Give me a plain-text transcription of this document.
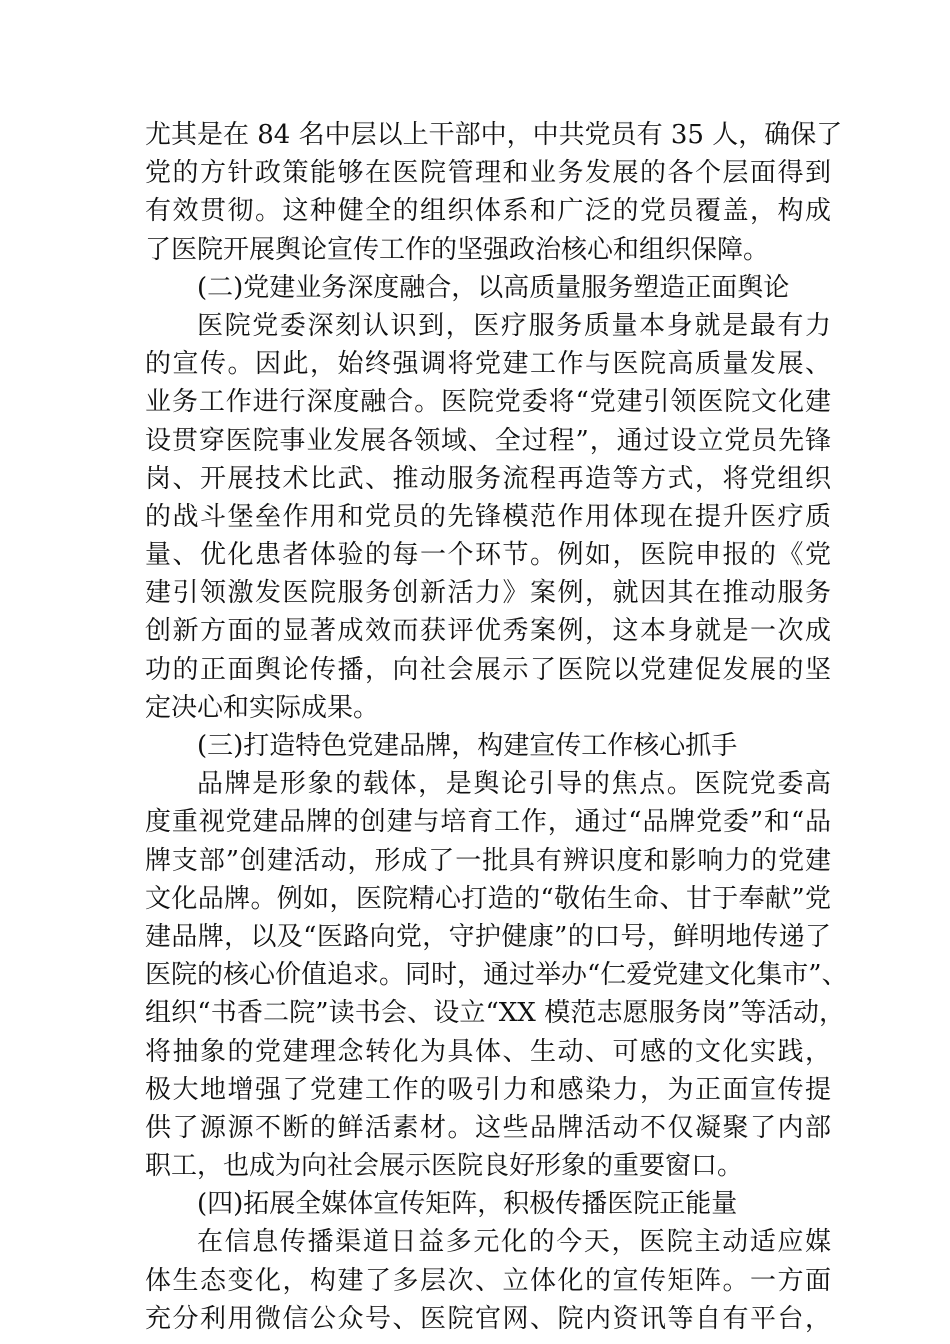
尤其是在 84 名中层以上干部中，中共党员有 35 人，确保了
党的方针政策能够在医院管理和业务发展的各个层面得到
有效贯彻。这种健全的组织体系和广泛的党员覆盖，构成
了医院开展舆论宣传工作的坚强政治核心和组织保障。
(二)党建业务深度融合，以高质量服务塑造正面舆论
医院党委深刻认识到，医疗服务质量本身就是最有力
的宣传。因此，始终强调将党建工作与医院高质量发展、
业务工作进行深度融合。医院党委将“党建引领医院文化建
设贯穿医院事业发展各领域、全过程”，通过设立党员先锋
岗、开展技术比武、推动服务流程再造等方式，将党组织
的战斗堡垒作用和党员的先锋模范作用体现在提升医疗质
量、优化患者体验的每一个环节。例如，医院申报的《党
建引领激发医院服务创新活力》案例，就因其在推动服务
创新方面的显著成效而获评优秀案例，这本身就是一次成
功的正面舆论传播，向社会展示了医院以党建促发展的坚
定决心和实际成果。
(三)打造特色党建品牌，构建宣传工作核心抓手
品牌是形象的载体，是舆论引导的焦点。医院党委高
度重视党建品牌的创建与培育工作，通过“品牌党委”和“品
牌支部”创建活动，形成了一批具有辨识度和影响力的党建
文化品牌。例如，医院精心打造的“敬佑生命、甘于奉献”党
建品牌，以及“医路向党，守护健康”的口号，鲜明地传递了
医院的核心价值追求。同时，通过举办“仁爱党建文化集市”、
组织“书香二院”读书会、设立“XX 模范志愿服务岗”等活动，
将抽象的党建理念转化为具体、生动、可感的文化实践，
极大地增强了党建工作的吸引力和感染力，为正面宣传提
供了源源不断的鲜活素材。这些品牌活动不仅凝聚了内部
职工，也成为向社会展示医院良好形象的重要窗口。
(四)拓展全媒体宣传矩阵，积极传播医院正能量
在信息传播渠道日益多元化的今天，医院主动适应媒
体生态变化，构建了多层次、立体化的宣传矩阵。一方面
充分利用微信公众号、医院官网、院内资讯等自有平台，
